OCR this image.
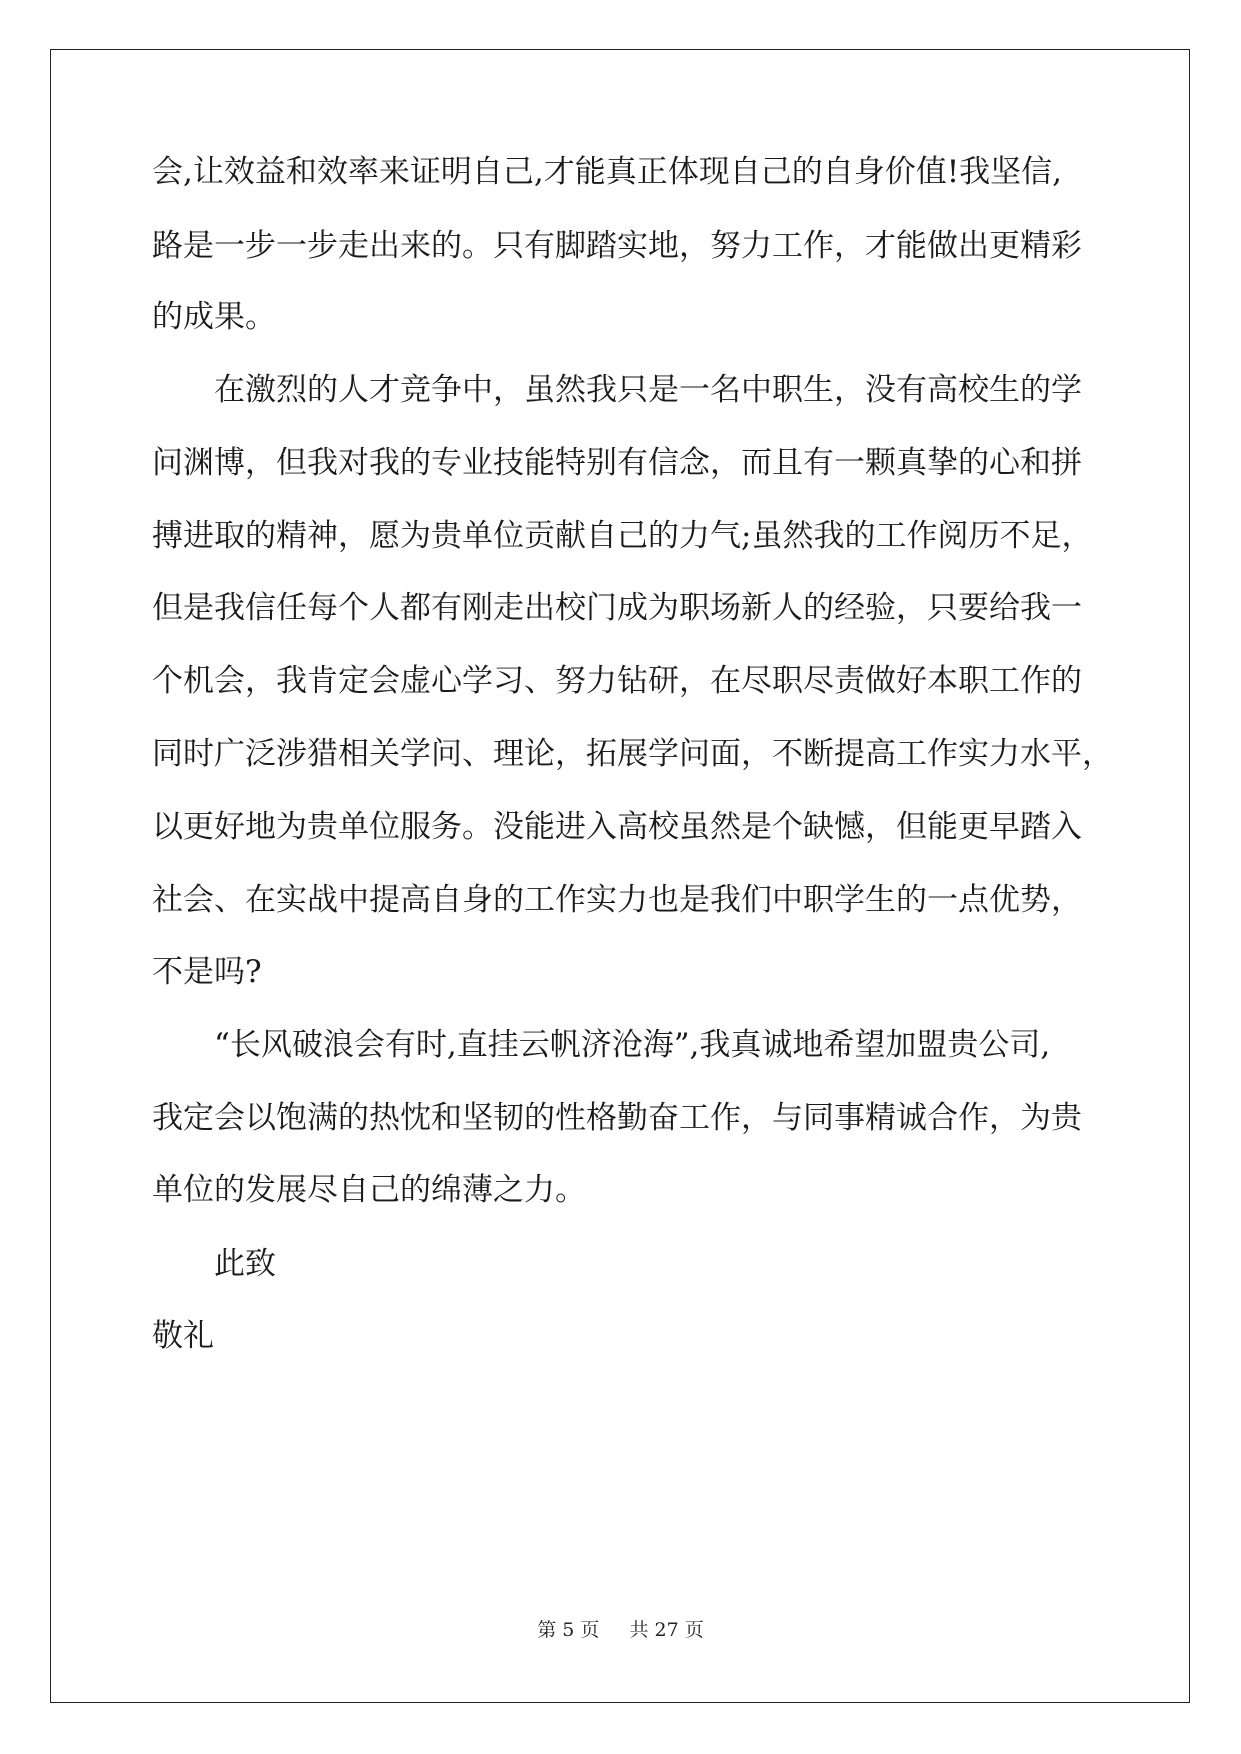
会,让效益和效率来证明自己,才能真正体现自己的自身价值!我坚信,

路是一步一步走出来的。只有脚踏实地，努力工作，才能做出更精彩

的成果。

在激烈的人才竞争中，虽然我只是一名中职生，没有高校生的学

问渊博，但我对我的专业技能特别有信念，而且有一颗真挚的心和拼

搏进取的精神，愿为贵单位贡献自己的力气;虽然我的工作阅历不足，

但是我信任每个人都有刚走出校门成为职场新人的经验，只要给我一

个机会，我肯定会虚心学习、努力钻研，在尽职尽责做好本职工作的

同时广泛涉猎相关学问、理论，拓展学问面，不断提高工作实力水平，

以更好地为贵单位服务。没能进入高校虽然是个缺憾，但能更早踏入

社会、在实战中提高自身的工作实力也是我们中职学生的一点优势，

不是吗?

“长风破浪会有时,直挂云帆济沧海”,我真诚地希望加盟贵公司,

我定会以饱满的热忱和坚韧的性格勤奋工作，与同事精诚合作，为贵

单位的发展尽自己的绵薄之力。

此致

敬礼

第 5 页 共 27 页
